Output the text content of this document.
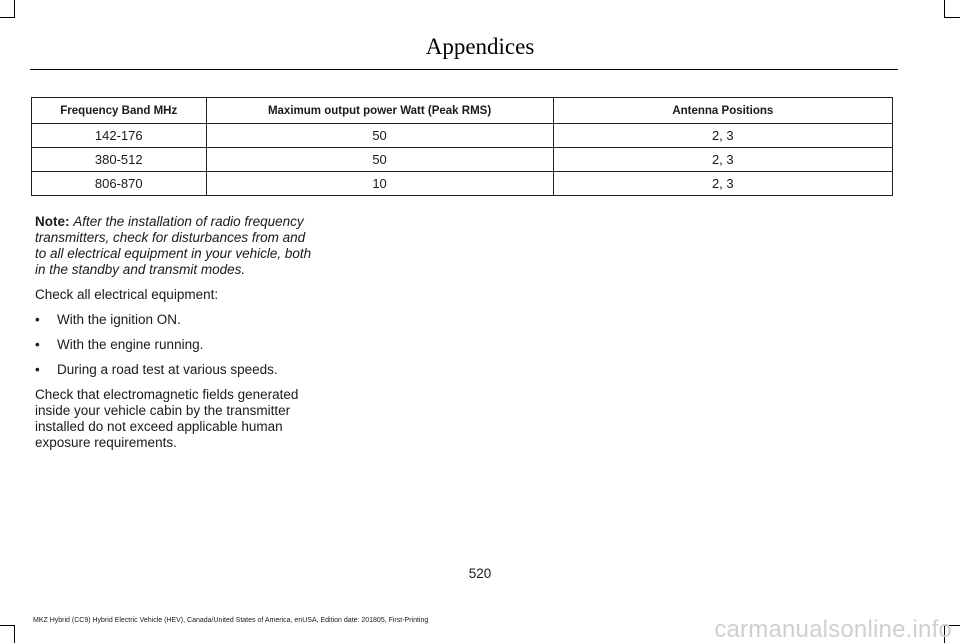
Appendices
Frequency Band MHz	Maximum output power Watt (Peak RMS)	Antenna Positions
142-176	50	2, 3
380-512	50	2, 3
806-870	10	2, 3

Note: After the installation of radio frequency transmitters, check for disturbances from and to all electrical equipment in your vehicle, both in the standby and transmit modes.

Check all electrical equipment:

• With the ignition ON.
• With the engine running.
• During a road test at various speeds.

Check that electromagnetic fields generated inside your vehicle cabin by the transmitter installed do not exceed applicable human exposure requirements.

520
MKZ Hybrid (CC9) Hybrid Electric Vehicle (HEV), Canada/United States of America, enUSA, Edition date: 201805, First-Printing	carmanualsonline.info
